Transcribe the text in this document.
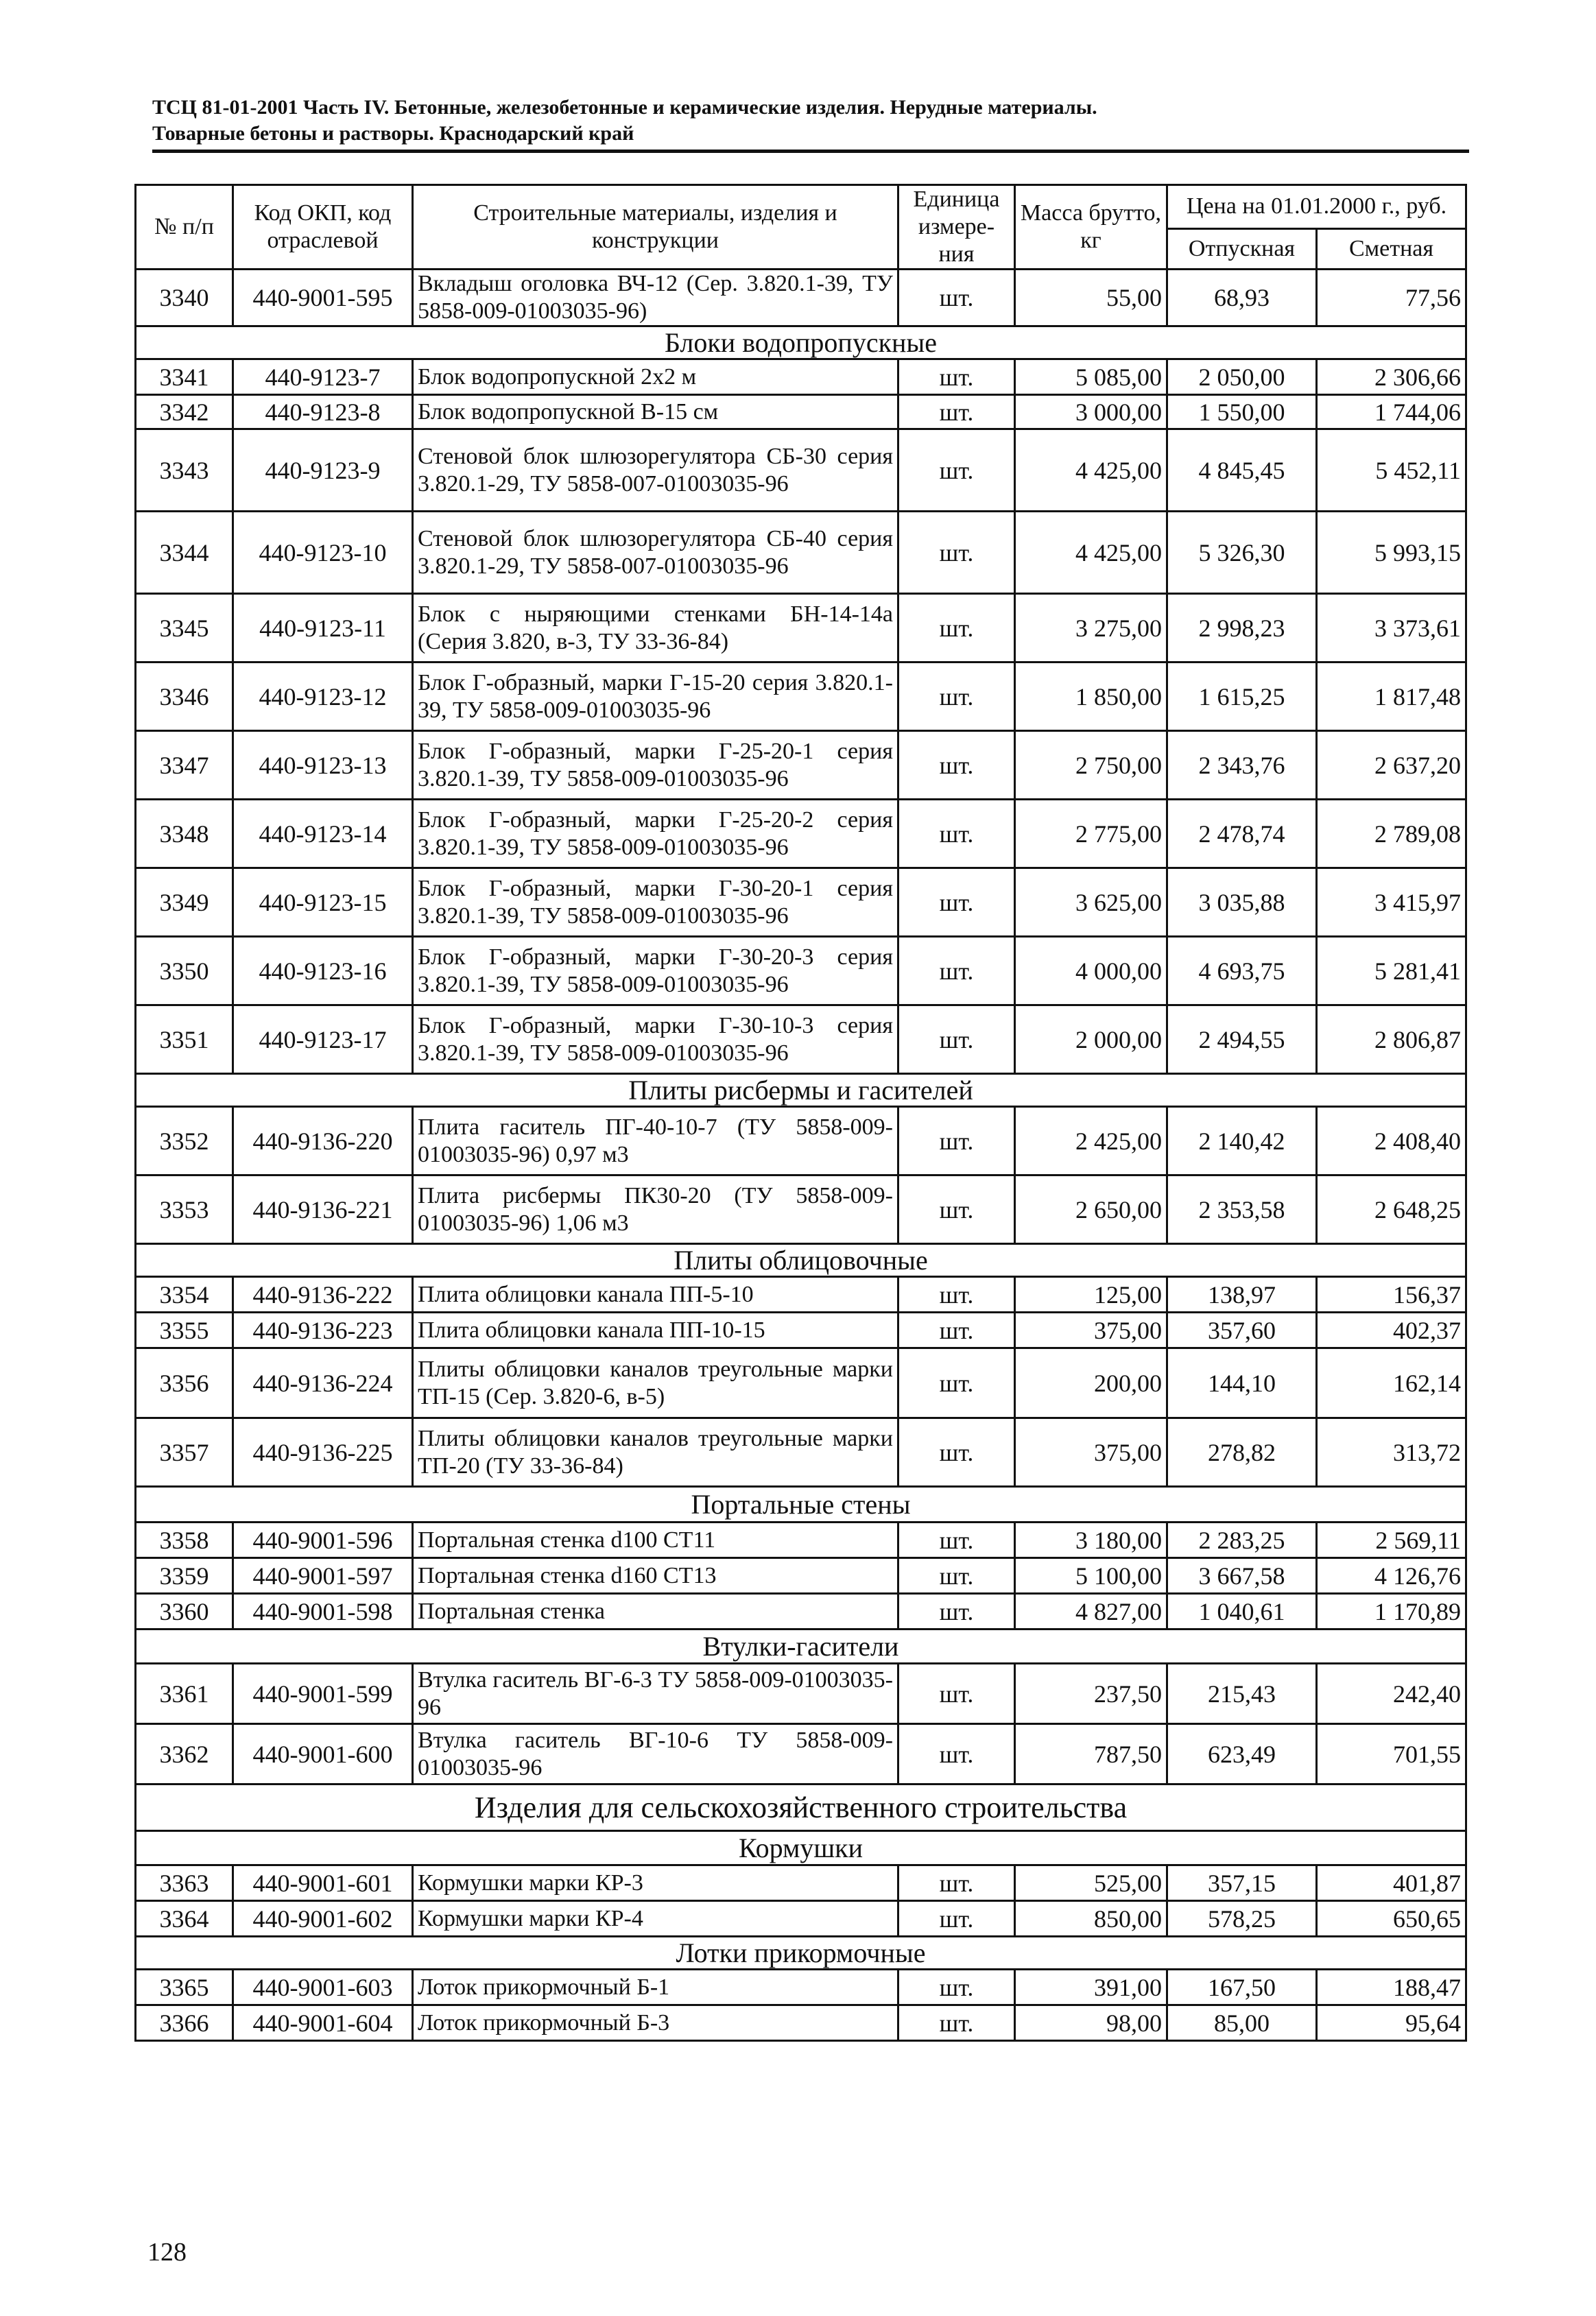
ТСЦ 81-01-2001 Часть IV. Бетонные, железобетонные и керамические изделия. Нерудные материалы.
Товарные бетоны и растворы. Краснодарский край
№ п/п	Код ОКП, код отраслевой	Строительные материалы, изделия и конструкции	Единица измере-ния	Масса брутто, кг	Цена на 01.01.2000 г., руб.	
					Отпускная	Сметная
3340	440-9001-595	Вкладыш оголовка ВЧ-12 (Сер. 3.820.1-39, ТУ 5858-009-01003035-96)	шт.	55,00	68,93	77,56
Блоки водопропускные						
3341	440-9123-7	Блок водопропускной 2х2 м	шт.	5 085,00	2 050,00	2 306,66
3342	440-9123-8	Блок водопропускной В-15 см	шт.	3 000,00	1 550,00	1 744,06
3343	440-9123-9	Стеновой блок шлюзорегулятора СБ-30 серия 3.820.1-29, ТУ 5858-007-01003035-96	шт.	4 425,00	4 845,45	5 452,11
3344	440-9123-10	Стеновой блок шлюзорегулятора СБ-40 серия 3.820.1-29, ТУ 5858-007-01003035-96	шт.	4 425,00	5 326,30	5 993,15
3345	440-9123-11	Блок с ныряющими стенками БН-14-14а (Серия 3.820, в-3, ТУ 33-36-84)	шт.	3 275,00	2 998,23	3 373,61
3346	440-9123-12	Блок Г-образный, марки Г-15-20 серия 3.820.1-39, ТУ 5858-009-01003035-96	шт.	1 850,00	1 615,25	1 817,48
3347	440-9123-13	Блок Г-образный, марки Г-25-20-1 серия 3.820.1-39, ТУ 5858-009-01003035-96	шт.	2 750,00	2 343,76	2 637,20
3348	440-9123-14	Блок Г-образный, марки Г-25-20-2 серия 3.820.1-39, ТУ 5858-009-01003035-96	шт.	2 775,00	2 478,74	2 789,08
3349	440-9123-15	Блок Г-образный, марки Г-30-20-1 серия 3.820.1-39, ТУ 5858-009-01003035-96	шт.	3 625,00	3 035,88	3 415,97
3350	440-9123-16	Блок Г-образный, марки Г-30-20-3 серия 3.820.1-39, ТУ 5858-009-01003035-96	шт.	4 000,00	4 693,75	5 281,41
3351	440-9123-17	Блок Г-образный, марки Г-30-10-3 серия 3.820.1-39, ТУ 5858-009-01003035-96	шт.	2 000,00	2 494,55	2 806,87
Плиты рисбермы и гасителей						
3352	440-9136-220	Плита гаситель ПГ-40-10-7 (ТУ 5858-009-01003035-96) 0,97 м3	шт.	2 425,00	2 140,42	2 408,40
3353	440-9136-221	Плита рисбермы ПК30-20 (ТУ 5858-009-01003035-96) 1,06 м3	шт.	2 650,00	2 353,58	2 648,25
Плиты облицовочные						
3354	440-9136-222	Плита облицовки канала ПП-5-10	шт.	125,00	138,97	156,37
3355	440-9136-223	Плита облицовки канала ПП-10-15	шт.	375,00	357,60	402,37
3356	440-9136-224	Плиты облицовки каналов треугольные марки ТП-15 (Сер. 3.820-6, в-5)	шт.	200,00	144,10	162,14
3357	440-9136-225	Плиты облицовки каналов треугольные марки ТП-20 (ТУ 33-36-84)	шт.	375,00	278,82	313,72
Портальные стены						
3358	440-9001-596	Портальная стенка d100 СТ11	шт.	3 180,00	2 283,25	2 569,11
3359	440-9001-597	Портальная стенка d160 СТ13	шт.	5 100,00	3 667,58	4 126,76
3360	440-9001-598	Портальная стенка	шт.	4 827,00	1 040,61	1 170,89
Втулки-гасители						
3361	440-9001-599	Втулка гаситель ВГ-6-3 ТУ 5858-009-01003035-96	шт.	237,50	215,43	242,40
3362	440-9001-600	Втулка гаситель ВГ-10-6 ТУ 5858-009-01003035-96	шт.	787,50	623,49	701,55
Изделия для сельскохозяйственного строительства						
Кормушки						
3363	440-9001-601	Кормушки марки КР-3	шт.	525,00	357,15	401,87
3364	440-9001-602	Кормушки марки КР-4	шт.	850,00	578,25	650,65
Лотки прикормочные						
3365	440-9001-603	Лоток прикормочный Б-1	шт.	391,00	167,50	188,47
3366	440-9001-604	Лоток прикормочный Б-3	шт.	98,00	85,00	95,64
128
